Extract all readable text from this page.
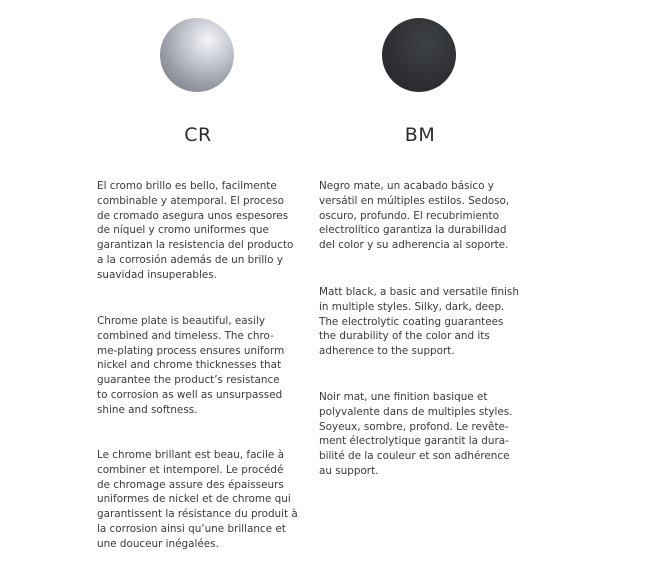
CR	BM

El cromo brillo es bello, facilmente
combinable y atemporal. El proceso
de cromado asegura unos espesores
de níquel y cromo uniformes que
garantizan la resistencia del producto
a la corrosión además de un brillo y
suavidad insuperables.

Chrome plate is beautiful, easily
combined and timeless. The chro-
me-plating process ensures uniform
nickel and chrome thicknesses that
guarantee the product’s resistance
to corrosion as well as unsurpassed
shine and softness.

Le chrome brillant est beau, facile à
combiner et intemporel. Le procédé
de chromage assure des épaisseurs
uniformes de nickel et de chrome qui
garantissent la résistance du produit à
la corrosion ainsi qu’une brillance et
une douceur inégalées.

Negro mate, un acabado básico y
versátil en múltiples estilos. Sedoso,
oscuro, profundo. El recubrimiento
electrolítico garantiza la durabilidad
del color y su adherencia al soporte.

Matt black, a basic and versatile finish
in multiple styles. Silky, dark, deep.
The electrolytic coating guarantees
the durability of the color and its
adherence to the support.

Noir mat, une finition basique et
polyvalente dans de multiples styles.
Soyeux, sombre, profond. Le revête-
ment électrolytique garantit la dura-
bilité de la couleur et son adhérence
au support.
